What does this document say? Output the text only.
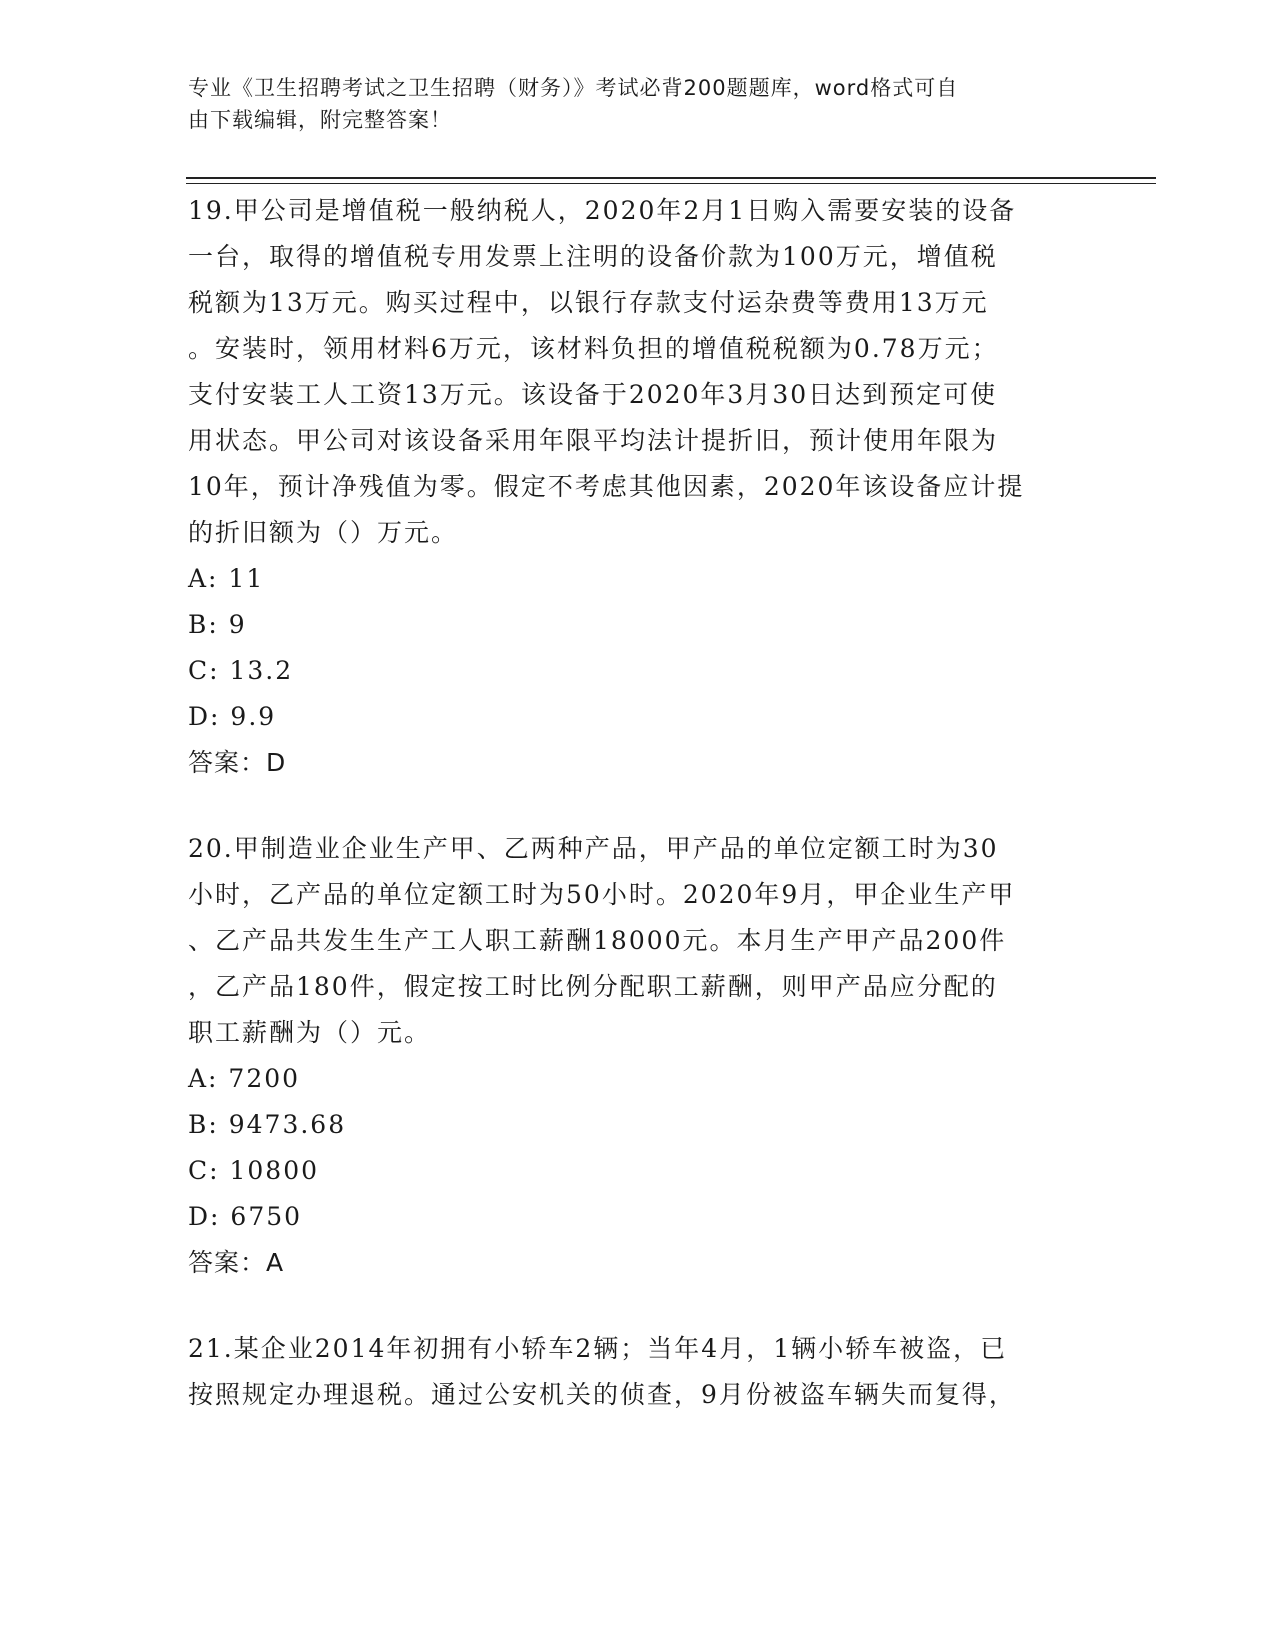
专业《卫生招聘考试之卫生招聘（财务）》考试必背200题题库，word格式可自
由下载编辑，附完整答案！
19.甲公司是增值税一般纳税人，2020年2月1日购入需要安装的设备
一台，取得的增值税专用发票上注明的设备价款为100万元，增值税
税额为13万元。购买过程中，以银行存款支付运杂费等费用13万元
。安装时，领用材料6万元，该材料负担的增值税税额为0.78万元；
支付安装工人工资13万元。该设备于2020年3月30日达到预定可使
用状态。甲公司对该设备采用年限平均法计提折旧，预计使用年限为
10年，预计净残值为零。假定不考虑其他因素，2020年该设备应计提
的折旧额为（）万元。
A: 11
B: 9
C: 13.2
D: 9.9
答案：D
20.甲制造业企业生产甲、乙两种产品，甲产品的单位定额工时为30
小时，乙产品的单位定额工时为50小时。2020年9月，甲企业生产甲
、乙产品共发生生产工人职工薪酬18000元。本月生产甲产品200件
，乙产品180件，假定按工时比例分配职工薪酬，则甲产品应分配的
职工薪酬为（）元。
A: 7200
B: 9473.68
C: 10800
D: 6750
答案：A
21.某企业2014年初拥有小轿车2辆；当年4月，1辆小轿车被盗，已
按照规定办理退税。通过公安机关的侦查，9月份被盗车辆失而复得，
